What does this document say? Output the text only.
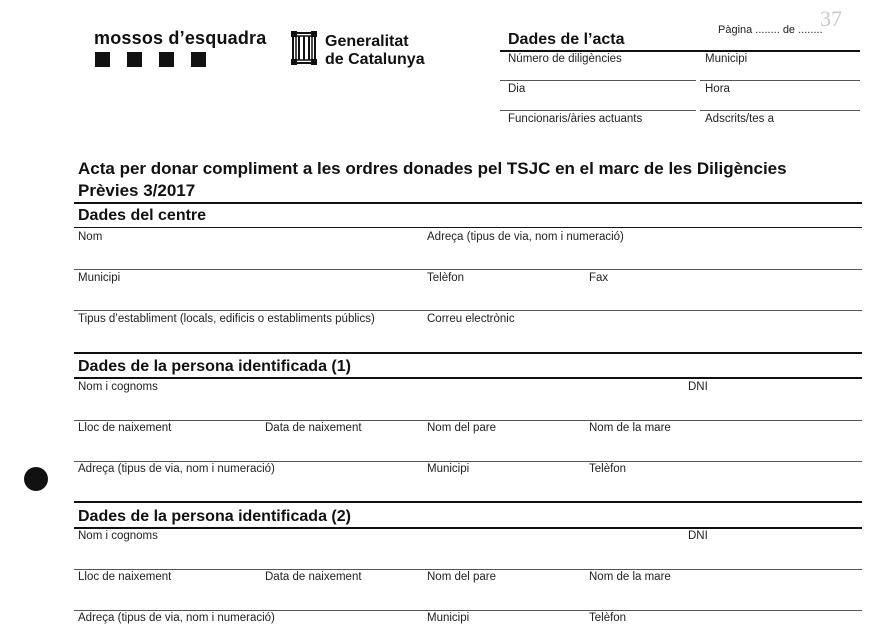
mossos d’esquadra	Generalitat
de Catalunya
Pàgina ........ de ........
37
Dades de l’acta
Número de diligències	Municipi
Dia	Hora
Funcionaris/àries actuants	Adscrits/tes a
Acta per donar compliment a les ordres donades pel TSJC en el marc de les Diligències
Prèvies 3/2017
Dades del centre
Nom	Adreça (tipus de via, nom i numeració)
Municipi	Telèfon	Fax
Tipus d’establiment (locals, edificis o establiments públics)	Correu electrònic
Dades de la persona identificada (1)
Nom i cognoms	DNI
Lloc de naixement	Data de naixement	Nom del pare	Nom de la mare
Adreça (tipus de via, nom i numeració)	Municipi	Telèfon
Dades de la persona identificada (2)
Nom i cognoms	DNI
Lloc de naixement	Data de naixement	Nom del pare	Nom de la mare
Adreça (tipus de via, nom i numeració)	Municipi	Telèfon
